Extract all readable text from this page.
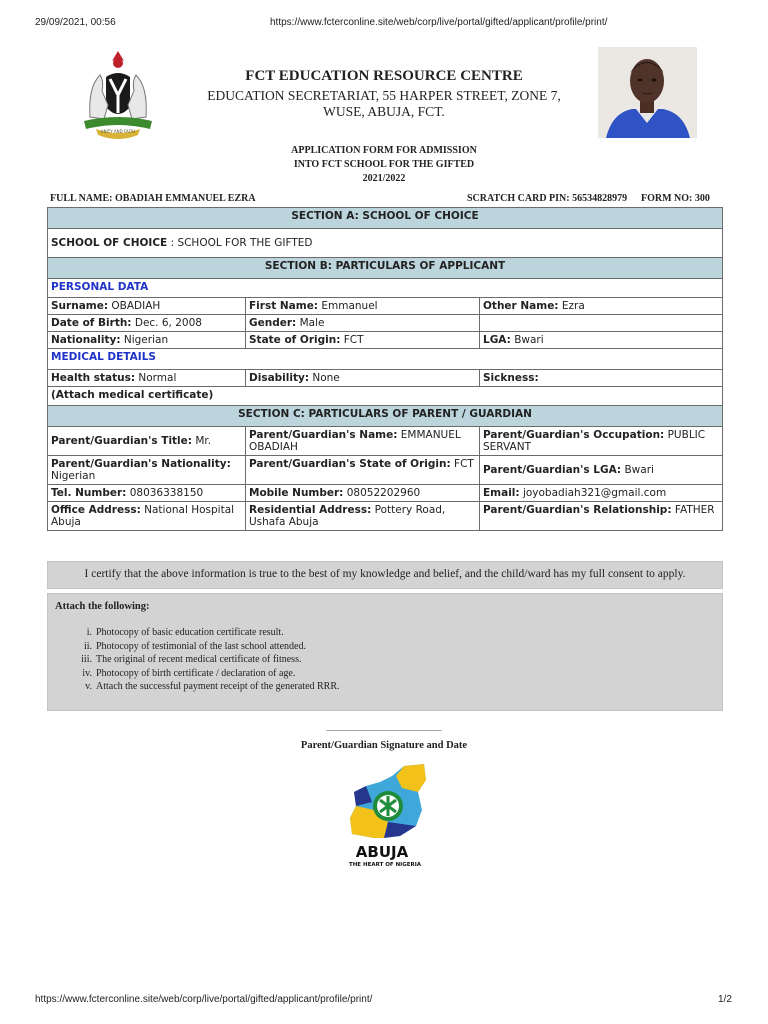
29/09/2021, 00:56	https://www.fcterconline.site/web/corp/live/portal/gifted/applicant/profile/print/
UNITY AND FAITH
FCT EDUCATION RESOURCE CENTRE
EDUCATION SECRETARIAT, 55 HARPER STREET, ZONE 7,
WUSE, ABUJA, FCT.
APPLICATION FORM FOR ADMISSION
INTO FCT SCHOOL FOR THE GIFTED
2021/2022
FULL NAME: OBADIAH EMMANUEL EZRA	SCRATCH CARD PIN: 56534828979 FORM NO: 300
SECTION A: SCHOOL OF CHOICE		
SCHOOL OF CHOICE : SCHOOL FOR THE GIFTED		
SECTION B: PARTICULARS OF APPLICANT		
PERSONAL DATA		
Surname: OBADIAH	First Name: Emmanuel	Other Name: Ezra
Date of Birth: Dec. 6, 2008	Gender: Male	
Nationality: Nigerian	State of Origin: FCT	LGA: Bwari
MEDICAL DETAILS		
Health status: Normal	Disability: None	Sickness:
(Attach medical certificate)		
SECTION C: PARTICULARS OF PARENT / GUARDIAN		
Parent/Guardian's Title: Mr.	Parent/Guardian's Name: EMMANUEL OBADIAH	Parent/Guardian's Occupation: PUBLIC SERVANT
Parent/Guardian's Nationality: Nigerian	Parent/Guardian's State of Origin: FCT	Parent/Guardian's LGA: Bwari
Tel. Number: 08036338150	Mobile Number: 08052202960	Email: joyobadiah321@gmail.com
Office Address: National Hospital Abuja	Residential Address: Pottery Road, Ushafa Abuja	Parent/Guardian's Relationship: FATHER
I certify that the above information is true to the best of my knowledge and belief, and the child/ward has my full consent to apply.
Attach the following:
i. Photocopy of basic education certificate result.
ii. Photocopy of testimonial of the last school attended.
iii. The original of recent medical certificate of fitness.
iv. Photocopy of birth certificate / declaration of age.
v. Attach the successful payment receipt of the generated RRR.
..........................................................
Parent/Guardian Signature and Date
ABUJA
THE HEART OF NIGERIA
https://www.fcterconline.site/web/corp/live/portal/gifted/applicant/profile/print/	1/2
